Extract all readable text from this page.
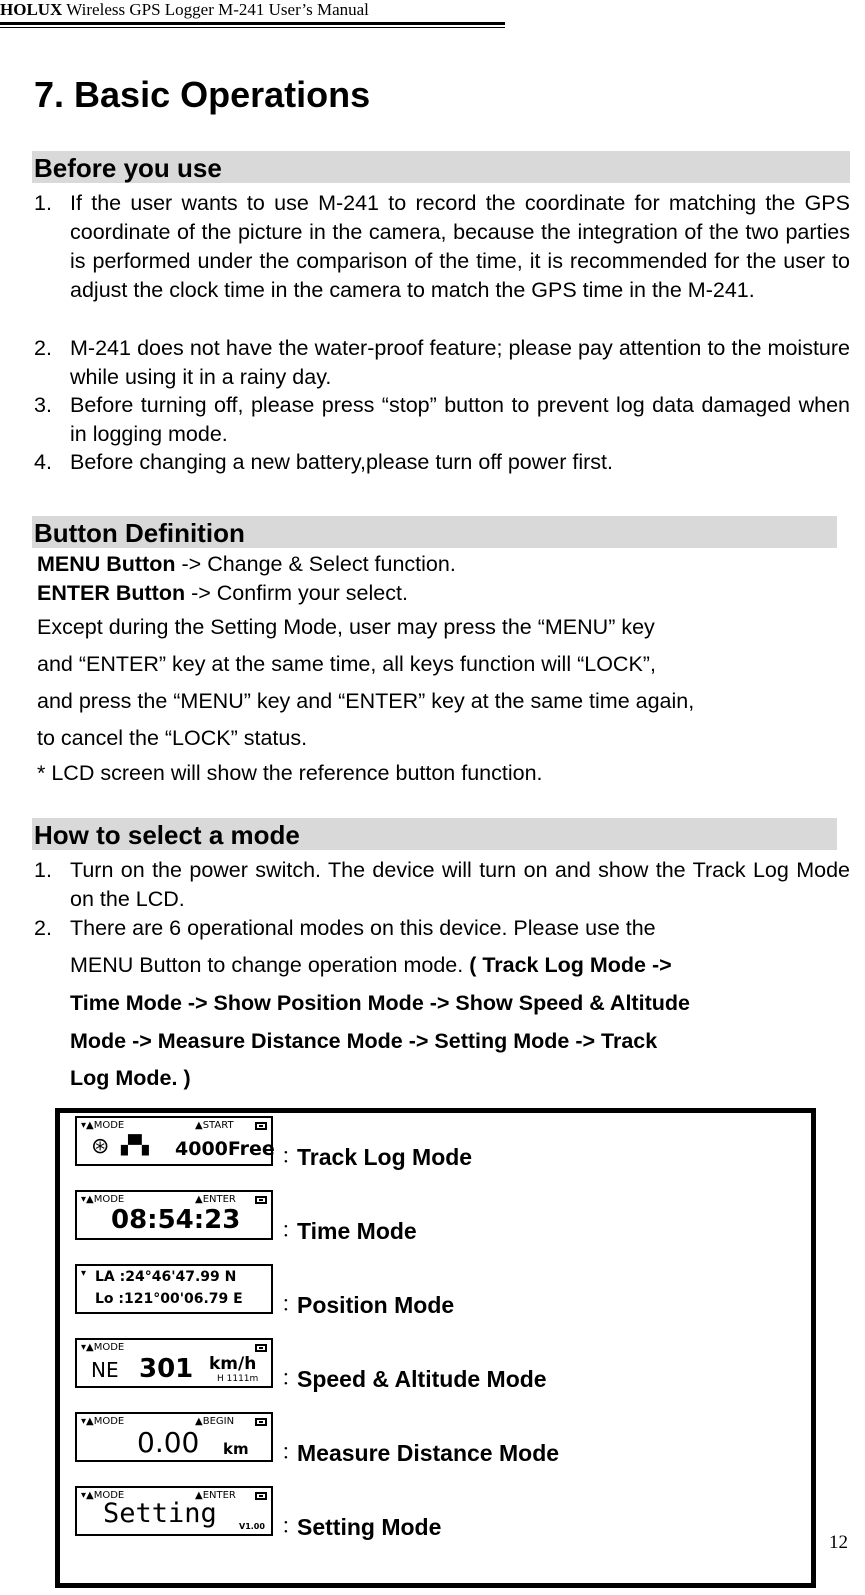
HOLUX Wireless GPS Logger M-241 User’s Manual
7. Basic Operations
Before you use
1. If the user wants to use M-241 to record the coordinate for matching the GPS coordinate of the picture in the camera, because the integration of the two parties is performed under the comparison of the time, it is recommended for the user to adjust the clock time in the camera to match the GPS time in the M-241.
2. M-241 does not have the water-proof feature; please pay attention to the moisture while using it in a rainy day.
3. Before turning off, please press “stop” button to prevent log data damaged when in logging mode.
4. Before changing a new battery,please turn off power first.
Button Definition
MENU Button -> Change & Select function.
ENTER Button -> Confirm your select.
Except during the Setting Mode, user may press the “MENU” key
and “ENTER” key at the same time, all keys function will “LOCK”,
and press the “MENU” key and “ENTER” key at the same time again,
to cancel the “LOCK” status.
* LCD screen will show the reference button function.
How to select a mode
1. Turn on the power switch. The device will turn on and show the Track Log Mode on the LCD.
2. There are 6 operational modes on this device. Please use the
MENU Button to change operation mode. ( Track Log Mode ->
Time Mode -> Show Position Mode -> Show Speed & Altitude
Mode -> Measure Distance Mode -> Setting Mode -> Track
Log Mode. )
▾▲MODE	▲START
⊛ ▞▚ 4000Free ：
Track Log Mode
▾▲MODE	▲ENTER
08:54:23 ：
Time Mode
▾ LA :24°46'47.99 N
Lo :121°00'06.79 E ：
Position Mode
▾▲MODE
NE 301 km/h
H 1111m ：
Speed & Altitude Mode
▾▲MODE	▲BEGIN
0.00 km ：
Measure Distance Mode
▾▲MODE	▲ENTER
Setting	V1.00 ：
Setting Mode
12
